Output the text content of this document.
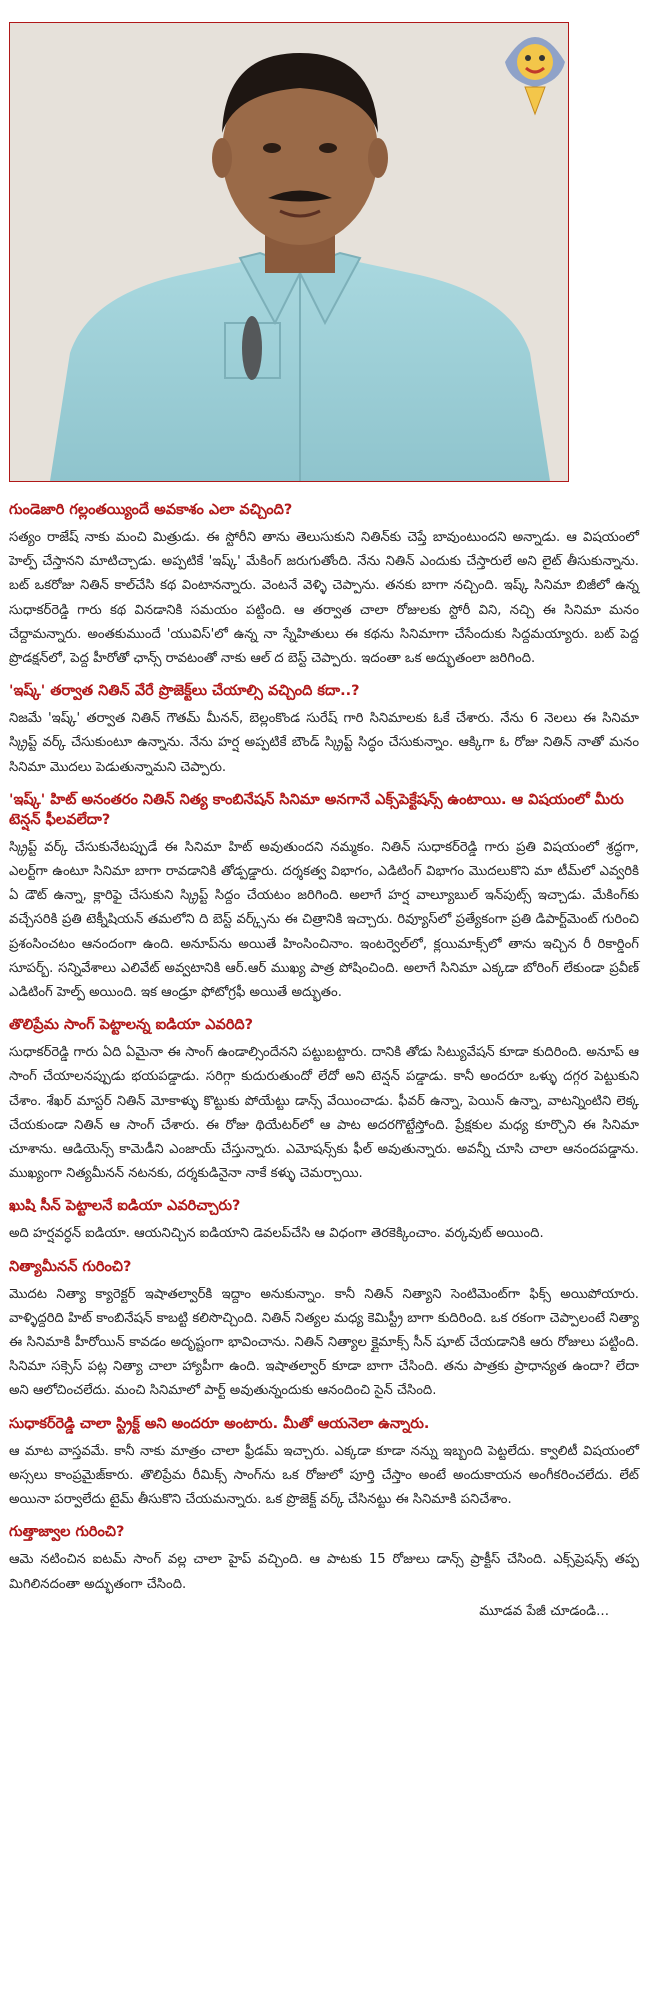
గుండెజారి గల్లంతయ్యిందే అవకాశం ఎలా వచ్చింది?
సత్యం రాజేష్ నాకు మంచి మిత్రుడు. ఈ స్టోరీని తాను తెలుసుకుని నితిన్‌కు చెప్తే బావుంటుందని అన్నాడు. ఆ విషయంలో హెల్ప్ చేస్తానని మాటిచ్చాడు. అప్పటికే 'ఇష్క్' మేకింగ్ జరుగుతోంది. నేను నితిన్ ఎందుకు చేస్తారులే అని లైట్ తీసుకున్నాను. బట్ ఒకరోజు నితిన్ కాల్‌చేసి కథ వింటానన్నారు. వెంటనే వెళ్ళి చెప్పాను. తనకు బాగా నచ్చింది. ఇష్క్ సినిమా బిజీలో ఉన్న సుధాకర్‌రెడ్డి గారు కథ వినడానికి సమయం పట్టింది. ఆ తర్వాత చాలా రోజులకు స్టోరీ విని, నచ్చి ఈ సినిమా మనం చేద్దామన్నారు. అంతకుముందే 'యువిస్'లో ఉన్న నా స్నేహితులు ఈ కథను సినిమాగా చేసేందుకు సిద్దమయ్యారు. బట్ పెద్ద ప్రొడక్షన్‌లో, పెద్ద హీరోతో ఛాన్స్ రావటంతో నాకు ఆల్ ద బెస్ట్ చెప్పారు. ఇదంతా ఒక అద్భుతంలా జరిగింది.
'ఇష్క్' తర్వాత నితిన్ వేరే ప్రొజెక్ట్‌లు చేయాల్సి వచ్చింది కదా..?
నిజమే 'ఇష్క్' తర్వాత నితిన్ గౌతమ్ మీనన్, బెల్లంకొండ సురేష్ గారి సినిమాలకు ఓకే చేశారు. నేను 6 నెలలు ఈ సినిమా స్క్రిప్ట్ వర్క్ చేసుకుంటూ ఉన్నాను. నేను హర్ష అప్పటికే బౌండ్ స్క్రిప్ట్ సిద్ధం చేసుకున్నాం. ఆక్కిగా ఓ రోజు నితిన్ నాతో మనం సినిమా మొదలు పెడుతున్నామని చెప్పారు.
'ఇష్క్' హిట్ అనంతరం నితిన్ నిత్య కాంబినేషన్ సినిమా అనగానే ఎక్స్‌పెక్టేషన్స్ ఉంటాయి. ఆ విషయంలో మీరు టెన్షన్ ఫీలవలేదా?
స్క్రిప్ట్ వర్క్ చేసుకునేటప్పుడే ఈ సినిమా హిట్ అవుతుందని నమ్మకం. నితిన్ సుధాకర్‌రెడ్డి గారు ప్రతి విషయంలో శ్రద్ధగా, ఎలర్ట్‌గా ఉంటూ సినిమా బాగా రావడానికి తోడ్పడ్డారు. దర్శకత్వ విభాగం, ఎడిటింగ్ విభాగం మొదలుకొని మా టీమ్‌లో ఎవ్వరికి ఏ డౌట్ ఉన్నా, క్లారిఫై చేసుకుని స్క్రిప్ట్ సిద్దం చేయటం జరిగింది. అలాగే హర్ష వాల్యూబుల్ ఇన్‌పుట్స్ ఇచ్చాడు. మేకింగ్‌కు వచ్చేసరికి ప్రతి టెక్నీషియన్ తమలోని ది బెస్ట్ వర్క్స్‌ను ఈ చిత్రానికి ఇచ్చారు. రివ్యూస్‌లో ప్రత్యేకంగా ప్రతి డిపార్ట్‌మెంట్ గురించి ప్రశంసించటం ఆనందంగా ఉంది. అనూప్‌ను అయితే హింసించినాం. ఇంటర్వెల్‌లో, క్లయిమాక్స్‌లో తాను ఇచ్చిన రీ రికార్డింగ్ సూపర్బ్. సన్నివేశాలు ఎలివేట్ అవ్వటానికి ఆర్.ఆర్ ముఖ్య పాత్ర పోషించింది. అలాగే సినిమా ఎక్కడా బోరింగ్ లేకుండా ప్రవీణ్ ఎడిటింగ్ హెల్ప్ అయింది. ఇక ఆండ్రూ ఫోటోగ్రఫీ అయితే అద్భుతం.
తొలిప్రేమ సాంగ్ పెట్టాలన్న ఐడియా ఎవరిది?
సుధాకర్‌రెడ్డి గారు ఏది ఏమైనా ఈ సాంగ్ ఉండాల్సిందేనని పట్టుబట్టారు. దానికి తోడు సిట్యువేషన్ కూడా కుదిరింది. అనూప్ ఆ సాంగ్ చేయాలనప్పుడు భయపడ్డాడు. సరిగ్గా కుదురుతుందో లేదో అని టెన్షన్ పడ్డాడు. కానీ అందరూ ఒళ్ళు దగ్గర పెట్టుకుని చేశాం. శేఖర్ మాస్టర్ నితిన్ మోకాళ్ళు కొట్టుకు పోయేట్టు డాన్స్ వేయించాడు. ఫీవర్ ఉన్నా, పెయిన్ ఉన్నా, వాటన్నింటిని లెక్క చేయకుండా నితిన్ ఆ సాంగ్ చేశారు. ఈ రోజు థియేటర్‌లో ఆ పాట అదరగొట్టేస్తోంది. ప్రేక్షకుల మధ్య కూర్చొని ఈ సినిమా చూశాను. ఆడియెన్స్ కామెడీని ఎంజాయ్ చేస్తున్నారు. ఎమోషన్స్‌కు ఫీల్ అవుతున్నారు. అవన్నీ చూసి చాలా ఆనందపడ్డాను. ముఖ్యంగా నిత్యమీనన్ నటనకు, దర్శకుడినైనా నాకే కళ్ళు చెమర్చాయి.
ఖుషి సీన్ పెట్టాలనే ఐడియా ఎవరిచ్చారు?
అది హర్షవర్ధన్ ఐడియా. ఆయనిచ్చిన ఐడియాని డెవలప్‌చేసి ఆ విధంగా తెరకెక్కించాం. వర్కవుట్ అయింది.
నిత్యామీనన్ గురించి?
మొదట నిత్యా క్యారెక్టర్ ఇషాతల్వార్‌కి ఇద్దాం అనుకున్నాం. కానీ నితిన్ నిత్యాని సెంటిమెంట్‌గా ఫిక్స్ అయిపోయారు. వాళ్ళిద్దరిది హిట్ కాంబినేషన్ కాబట్టి కలిసొచ్చింది. నితిన్ నిత్యల మధ్య కెమిస్ట్రీ బాగా కుదిరింది. ఒక రకంగా చెప్పాలంటే నిత్యా ఈ సినిమాకి హీరోయిన్ కావడం అదృష్టంగా భావించాను. నితిన్ నిత్యాల క్లైమాక్స్ సీన్ షూట్ చేయడానికి ఆరు రోజులు పట్టింది. సినిమా సక్సెస్ పట్ల నిత్యా చాలా హ్యాపీగా ఉంది. ఇషాతల్వార్ కూడా బాగా చేసింది. తను పాత్రకు ప్రాధాన్యత ఉందా? లేదా అని ఆలోచించలేదు. మంచి సినిమాలో పార్ట్ అవుతున్నందుకు ఆనందించి సైన్ చేసింది.
సుధాకర్‌రెడ్డి చాలా స్ట్రిక్ట్ అని అందరూ అంటారు. మీతో ఆయనెలా ఉన్నారు.
ఆ మాట వాస్తవమే. కానీ నాకు మాత్రం చాలా ఫ్రీడమ్ ఇచ్చారు. ఎక్కడా కూడా నన్ను ఇబ్బంది పెట్టలేదు. క్వాలిటీ విషయంలో అస్సలు కాంప్రమైజ్‌కారు. తొలిప్రేమ రీమిక్స్ సాంగ్‌ను ఒక రోజులో పూర్తి చేస్తాం అంటే అందుకాయన అంగీకరించలేదు. లేట్ అయినా పర్వాలేదు టైమ్ తీసుకొని చేయమన్నారు. ఒక ప్రొజెక్ట్ వర్క్ చేసినట్టు ఈ సినిమాకి పనిచేశాం.
గుత్తాజ్వాల గురించి?
ఆమె నటించిన ఐటమ్ సాంగ్ వల్ల చాలా హైప్ వచ్చింది. ఆ పాటకు 15 రోజులు డాన్స్ ప్రాక్టీస్ చేసింది. ఎక్స్‌ప్రెషన్స్ తప్ప మిగిలినదంతా అద్భుతంగా చేసింది.
మూడవ పేజీ చూడండి...
